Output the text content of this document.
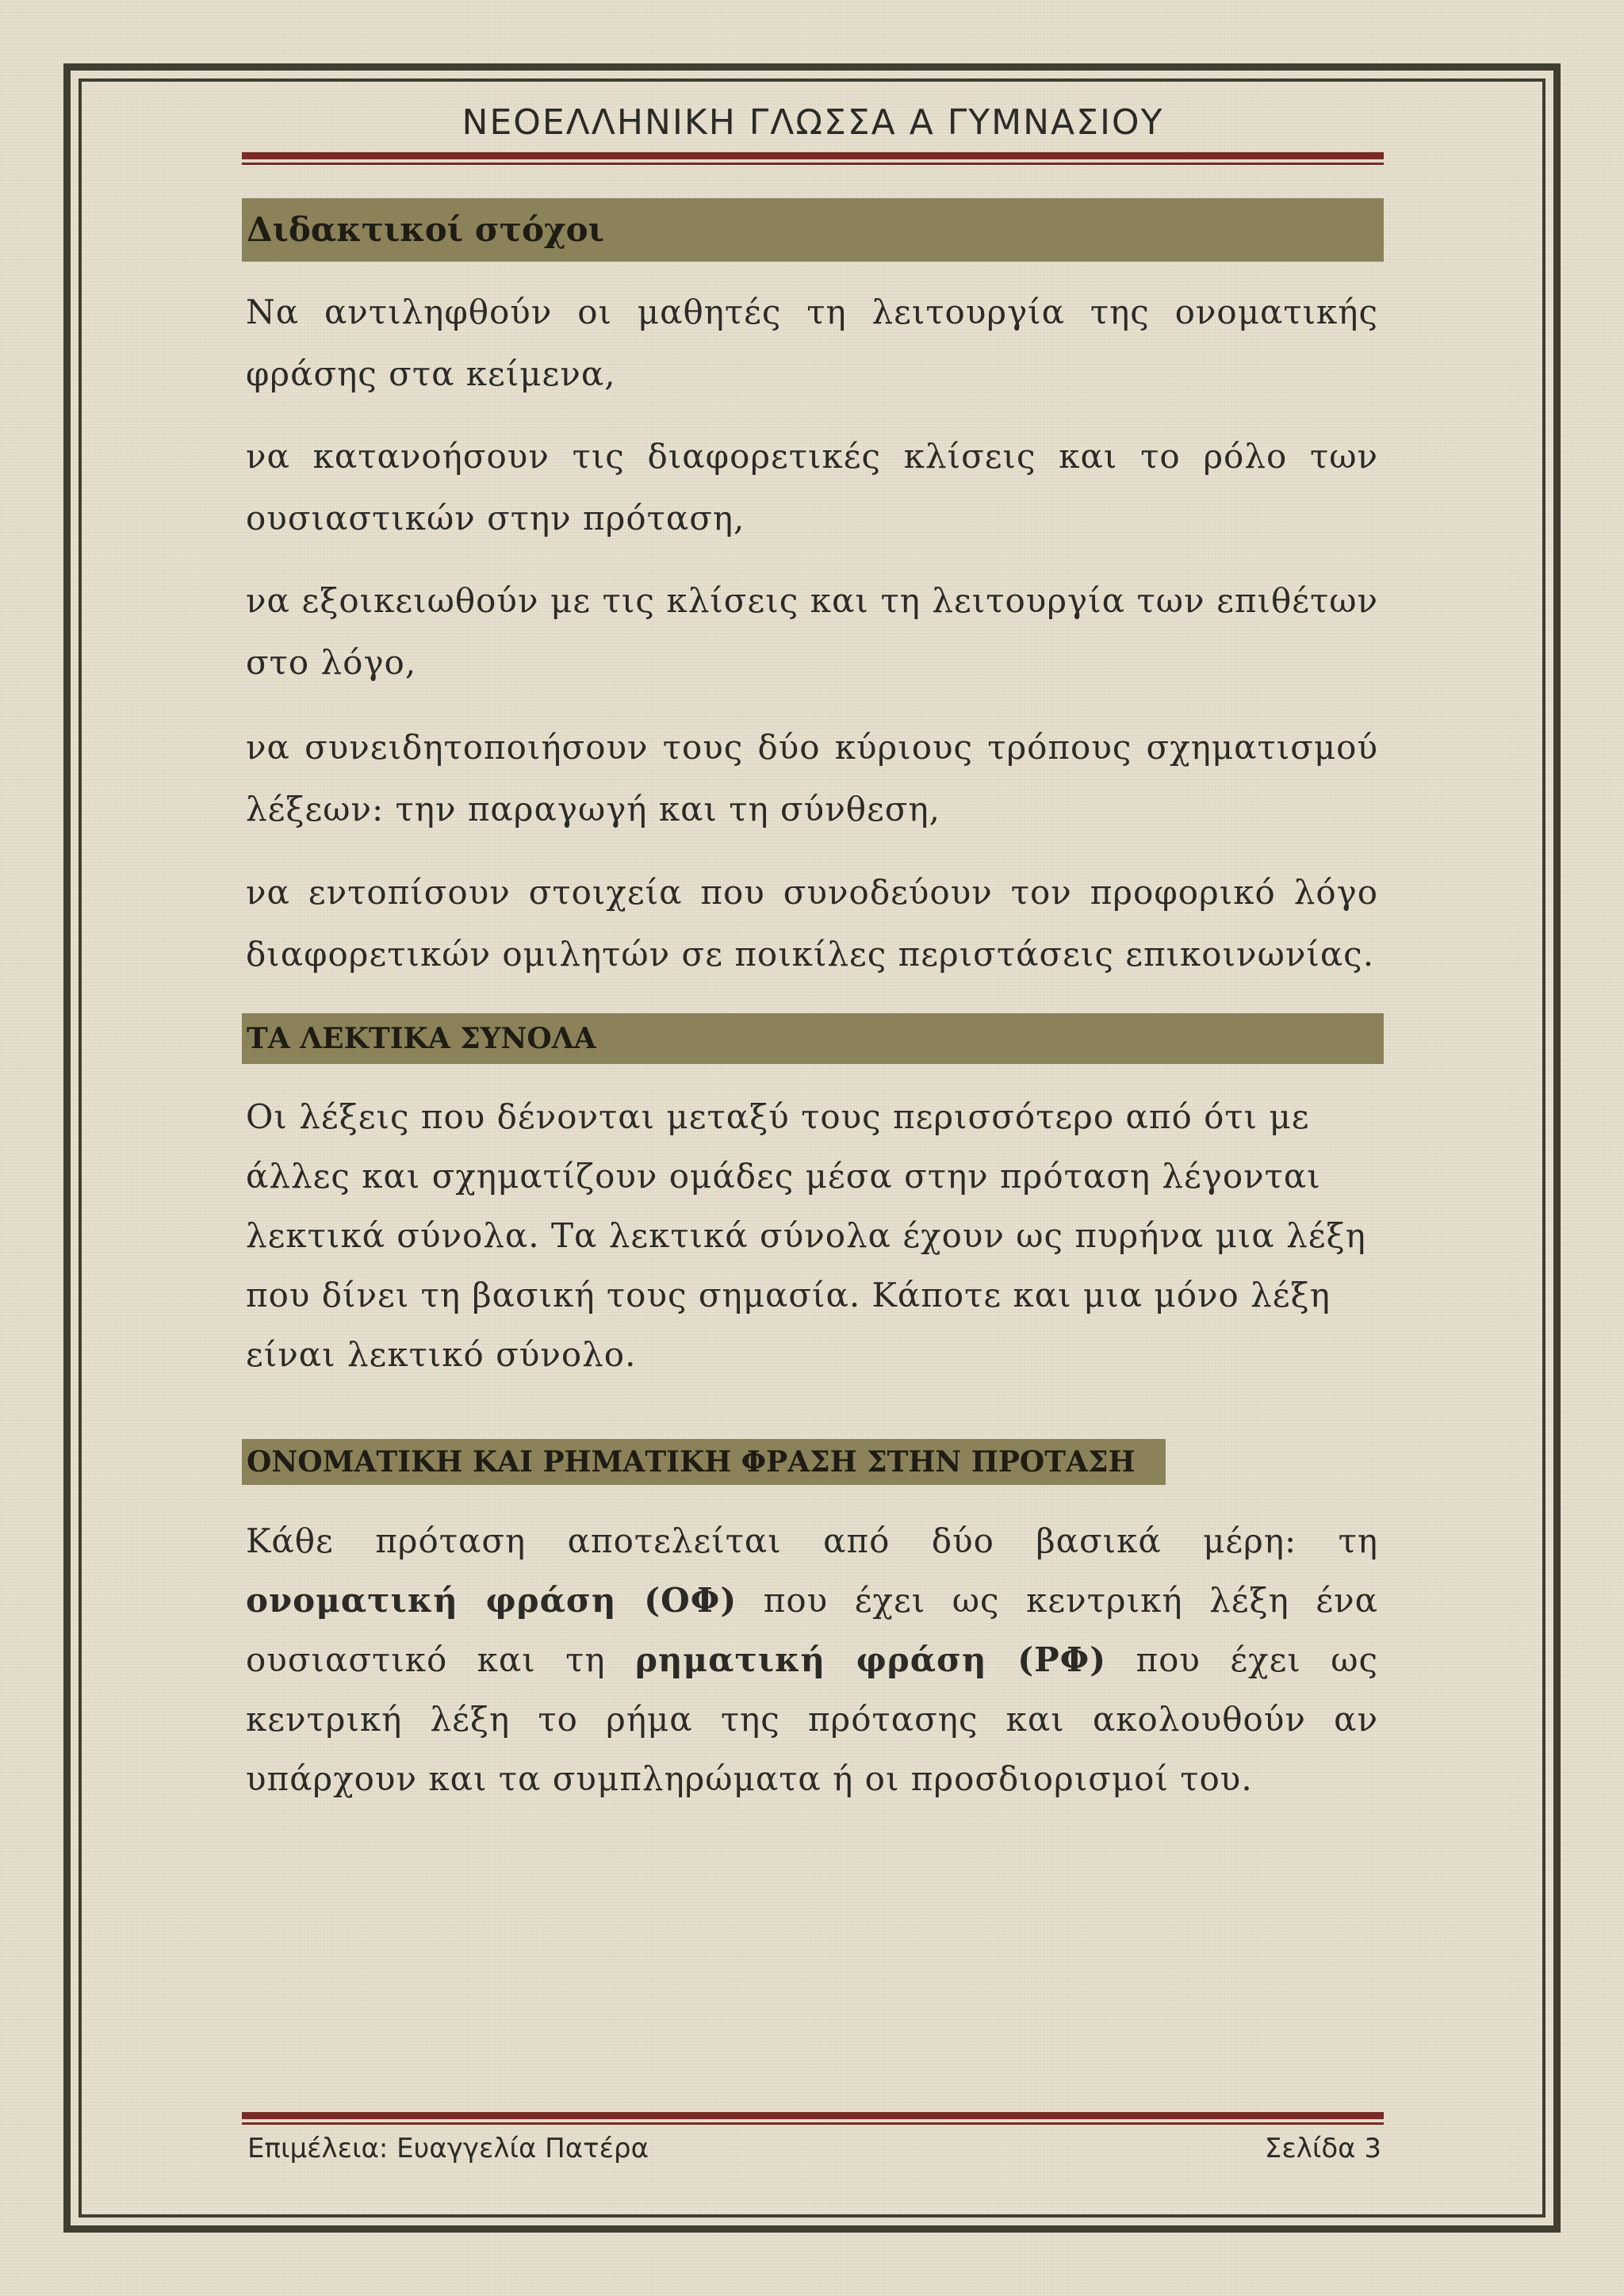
ΝΕΟΕΛΛΗΝΙΚΗ ΓΛΩΣΣΑ Α ΓΥΜΝΑΣΙΟΥ
Διδακτικοί στόχοι

Να αντιληφθούν οι μαθητές τη λειτουργία της ονοματικής φράσης στα κείμενα,

να κατανοήσουν τις διαφορετικές κλίσεις και το ρόλο των ουσιαστικών στην πρόταση,

να εξοικειωθούν με τις κλίσεις και τη λειτουργία των επιθέτων στο λόγο,

να συνειδητοποιήσουν τους δύο κύριους τρόπους σχηματισμού λέξεων: την παραγωγή και τη σύνθεση,

να εντοπίσουν στοιχεία που συνοδεύουν τον προφορικό λόγο διαφορετικών ομιλητών σε ποικίλες περιστάσεις επικοινωνίας.

ΤΑ ΛΕΚΤΙΚΑ ΣΥΝΟΛΑ

Οι λέξεις που δένονται μεταξύ τους περισσότερο από ότι με άλλες και σχηματίζουν ομάδες μέσα στην πρόταση λέγονται λεκτικά σύνολα. Τα λεκτικά σύνολα έχουν ως πυρήνα μια λέξη που δίνει τη βασική τους σημασία. Κάποτε και μια μόνο λέξη είναι λεκτικό σύνολο.

ΟΝΟΜΑΤΙΚΗ ΚΑΙ ΡΗΜΑΤΙΚΗ ΦΡΑΣΗ ΣΤΗΝ ΠΡΟΤΑΣΗ

Κάθε πρόταση αποτελείται από δύο βασικά μέρη: τη ονοματική φράση (ΟΦ) που έχει ως κεντρική λέξη ένα ουσιαστικό και τη ρηματική φράση (ΡΦ) που έχει ως κεντρική λέξη το ρήμα της πρότασης και ακολουθούν αν υπάρχουν και τα συμπληρώματα ή οι προσδιορισμοί του.

Επιμέλεια: Ευαγγελία Πατέρα	Σελίδα 3
